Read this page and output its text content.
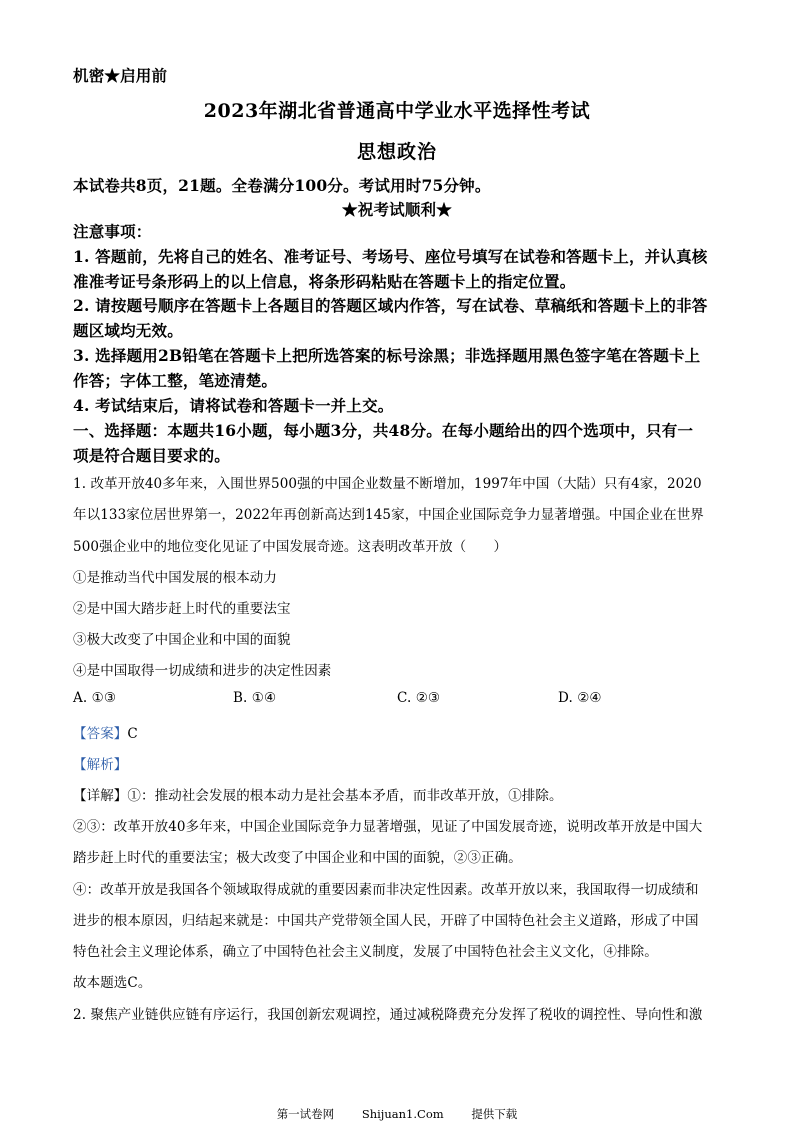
机密★启用前
2023年湖北省普通高中学业水平选择性考试
思想政治
本试卷共8页，21题。全卷满分100分。考试用时75分钟。
★祝考试顺利★
注意事项：
1. 答题前，先将自己的姓名、准考证号、考场号、座位号填写在试卷和答题卡上，并认真核
准准考证号条形码上的以上信息，将条形码粘贴在答题卡上的指定位置。
2. 请按题号顺序在答题卡上各题目的答题区域内作答，写在试卷、草稿纸和答题卡上的非答
题区域均无效。
3. 选择题用2B铅笔在答题卡上把所选答案的标号涂黑；非选择题用黑色签字笔在答题卡上
作答；字体工整，笔迹清楚。
4. 考试结束后，请将试卷和答题卡一并上交。
一、选择题：本题共16小题，每小题3分，共48分。在每小题给出的四个选项中，只有一
项是符合题目要求的。
1. 改革开放40多年来，入围世界500强的中国企业数量不断增加，1997年中国（大陆）只有4家，2020
年以133家位居世界第一，2022年再创新高达到145家，中国企业国际竞争力显著增强。中国企业在世界
500强企业中的地位变化见证了中国发展奇迹。这表明改革开放（　　）
①是推动当代中国发展的根本动力
②是中国大踏步赶上时代的重要法宝
③极大改变了中国企业和中国的面貌
④是中国取得一切成绩和进步的决定性因素
A. ①③	B. ①④	C. ②③	D. ②④
【答案】C
【解析】
【详解】①：推动社会发展的根本动力是社会基本矛盾，而非改革开放，①排除。
②③：改革开放40多年来，中国企业国际竞争力显著增强，见证了中国发展奇迹，说明改革开放是中国大
踏步赶上时代的重要法宝；极大改变了中国企业和中国的面貌，②③正确。
④：改革开放是我国各个领域取得成就的重要因素而非决定性因素。改革开放以来，我国取得一切成绩和
进步的根本原因，归结起来就是：中国共产党带领全国人民，开辟了中国特色社会主义道路，形成了中国
特色社会主义理论体系，确立了中国特色社会主义制度，发展了中国特色社会主义文化，④排除。
故本题选C。
2. 聚焦产业链供应链有序运行，我国创新宏观调控，通过减税降费充分发挥了税收的调控性、导向性和激
第一试卷网 Shijuan1.Com 提供下载
